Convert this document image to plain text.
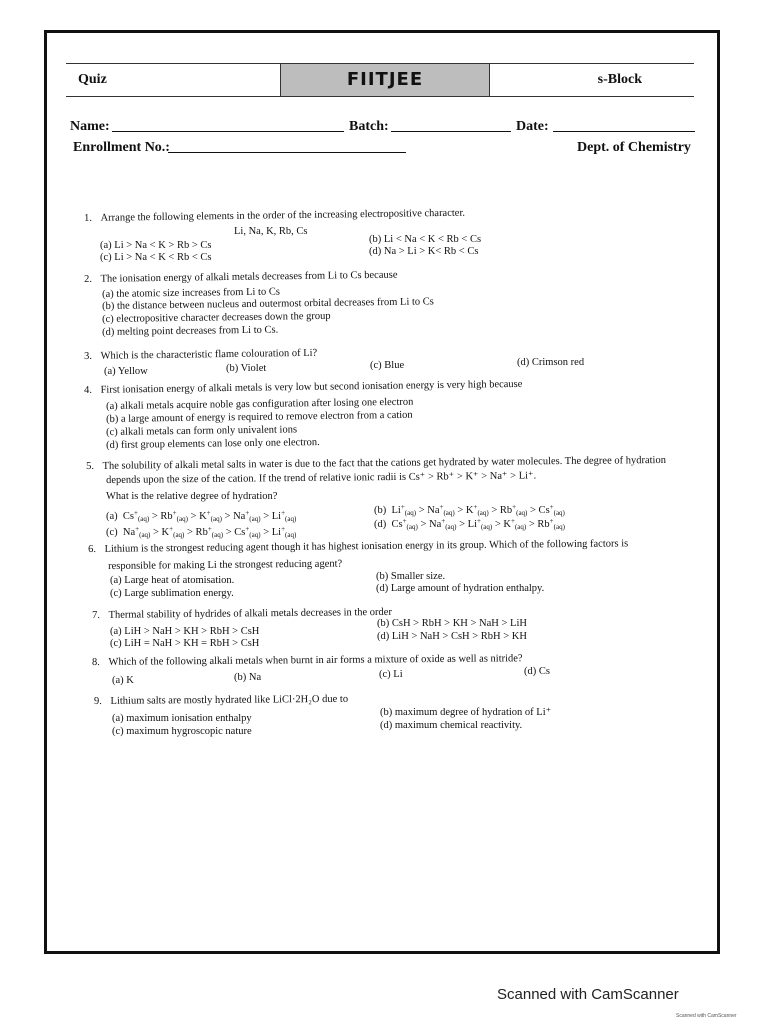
Quiz	FIITJEE	s-Block
Name:	Batch:	Date:
Enrollment No.:	Dept. of Chemistry
1. Arrange the following elements in the order of the increasing electropositive character.
Li, Na, K, Rb, Cs
(a) Li > Na < K > Rb > Cs
(b) Li < Na < K < Rb < Cs
(c) Li > Na < K < Rb < Cs
(d) Na > Li > K< Rb < Cs
2. The ionisation energy of alkali metals decreases from Li to Cs because
(a) the atomic size increases from Li to Cs
(b) the distance between nucleus and outermost orbital decreases from Li to Cs
(c) electropositive character decreases down the group
(d) melting point decreases from Li to Cs.
3. Which is the characteristic flame colouration of Li?
(a) Yellow	(b) Violet	(c) Blue	(d) Crimson red
4. First ionisation energy of alkali metals is very low but second ionisation energy is very high because
(a) alkali metals acquire noble gas configuration after losing one electron
(b) a large amount of energy is required to remove electron from a cation
(c) alkali metals can form only univalent ions
(d) first group elements can lose only one electron.
5. The solubility of alkali metal salts in water is due to the fact that the cations get hydrated by water molecules. The degree of hydration
depends upon the size of the cation. If the trend of relative ionic radii is Cs⁺ > Rb⁺ > K⁺ > Na⁺ > Li⁺.
What is the relative degree of hydration?
(a)  $Cs^+_{(aq)} > Rb^+_{(aq)} > K^+_{(aq)} > Na^+_{(aq)} > Li^+_{(aq)}$
(b)  $Li^+_{(aq)} > Na^+_{(aq)} > K^+_{(aq)} > Rb^+_{(aq)} > Cs^+_{(aq)}$
(c)  $Na^+_{(aq)} > K^+_{(aq)} > Rb^+_{(aq)} > Cs^+_{(aq)} > Li^+_{(aq)}$
(d)  $Cs^+_{(aq)} > Na^+_{(aq)} > Li^+_{(aq)} > K^+_{(aq)} > Rb^+_{(aq)}$
6. Lithium is the strongest reducing agent though it has highest ionisation energy in its group. Which of the following factors is
responsible for making Li the strongest reducing agent?
(a) Large heat of atomisation.	(b) Smaller size.
(c) Large sublimation energy.	(d) Large amount of hydration enthalpy.
7. Thermal stability of hydrides of alkali metals decreases in the order
(a) LiH > NaH > KH > RbH > CsH
(b) CsH > RbH > KH > NaH > LiH
(c) LiH = NaH > KH = RbH > CsH
(d) LiH > NaH > CsH > RbH > KH
8. Which of the following alkali metals when burnt in air forms a mixture of oxide as well as nitride?
(a) K	(b) Na	(c) Li	(d) Cs
9. Lithium salts are mostly hydrated like LiCl·2H₂O due to
(a) maximum ionisation enthalpy
(b) maximum degree of hydration of Li⁺
(c) maximum hygroscopic nature
(d) maximum chemical reactivity.
Scanned with CamScanner
Scanned with CamScanner
